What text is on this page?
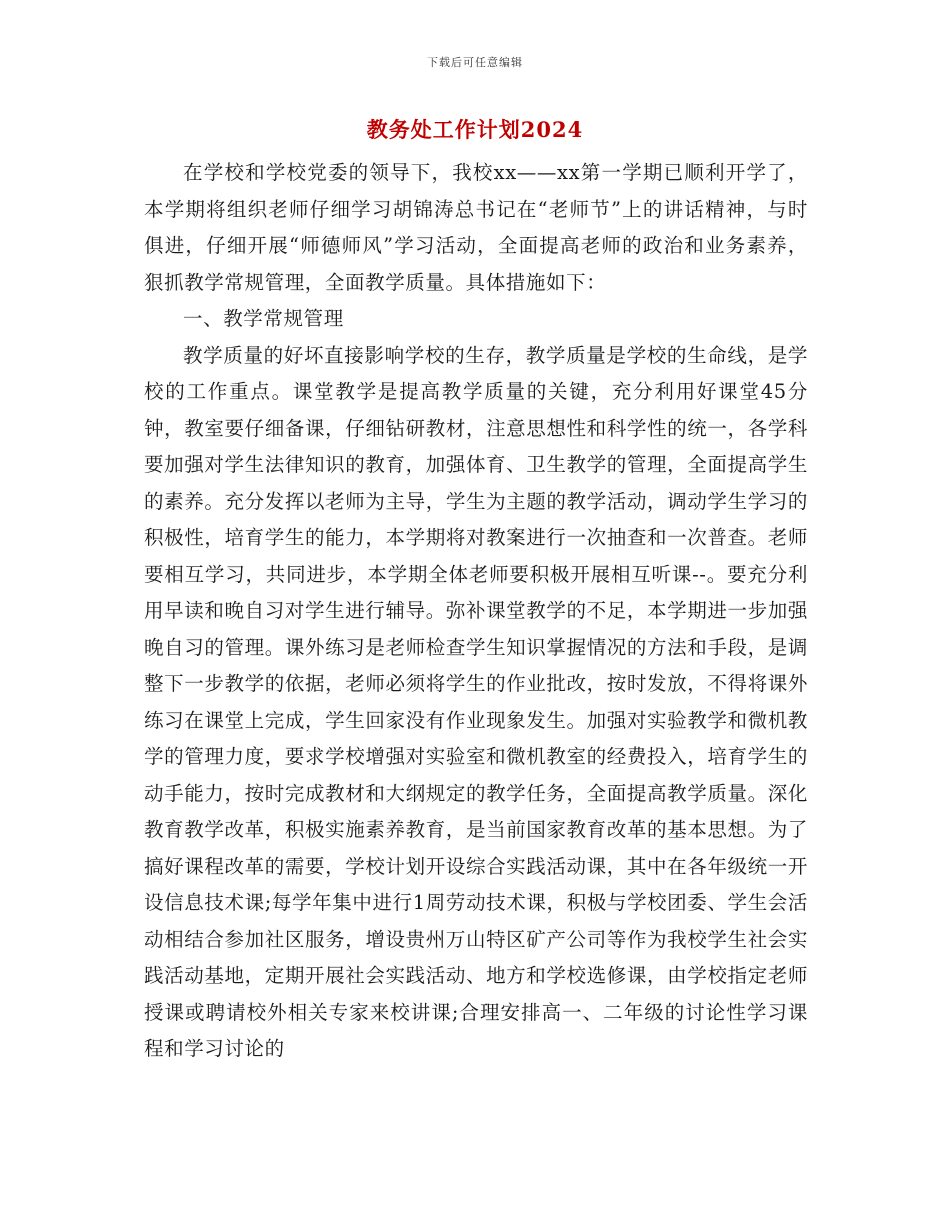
下载后可任意编辑
教务处工作计划2024

在学校和学校党委的领导下，我校xx——xx第一学期已顺利开学了，本学期将组织老师仔细学习胡锦涛总书记在“老师节”上的讲话精神，与时俱进，仔细开展“师德师风”学习活动，全面提高老师的政治和业务素养，狠抓教学常规管理，全面教学质量。具体措施如下：

一、教学常规管理

教学质量的好坏直接影响学校的生存，教学质量是学校的生命线，是学校的工作重点。课堂教学是提高教学质量的关键，充分利用好课堂45分钟，教室要仔细备课，仔细钻研教材，注意思想性和科学性的统一，各学科要加强对学生法律知识的教育，加强体育、卫生教学的管理，全面提高学生的素养。充分发挥以老师为主导，学生为主题的教学活动，调动学生学习的积极性，培育学生的能力，本学期将对教案进行一次抽查和一次普查。老师要相互学习，共同进步，本学期全体老师要积极开展相互听课--。要充分利用早读和晚自习对学生进行辅导。弥补课堂教学的不足，本学期进一步加强晚自习的管理。课外练习是老师检查学生知识掌握情况的方法和手段，是调整下一步教学的依据，老师必须将学生的作业批改，按时发放，不得将课外练习在课堂上完成，学生回家没有作业现象发生。加强对实验教学和微机教学的管理力度，要求学校增强对实验室和微机教室的经费投入，培育学生的动手能力，按时完成教材和大纲规定的教学任务，全面提高教学质量。深化教育教学改革，积极实施素养教育，是当前国家教育改革的基本思想。为了搞好课程改革的需要，学校计划开设综合实践活动课，其中在各年级统一开设信息技术课;每学年集中进行1周劳动技术课，积极与学校团委、学生会活动相结合参加社区服务，增设贵州万山特区矿产公司等作为我校学生社会实践活动基地，定期开展社会实践活动、地方和学校选修课，由学校指定老师授课或聘请校外相关专家来校讲课;合理安排高一、二年级的讨论性学习课程和学习讨论的
